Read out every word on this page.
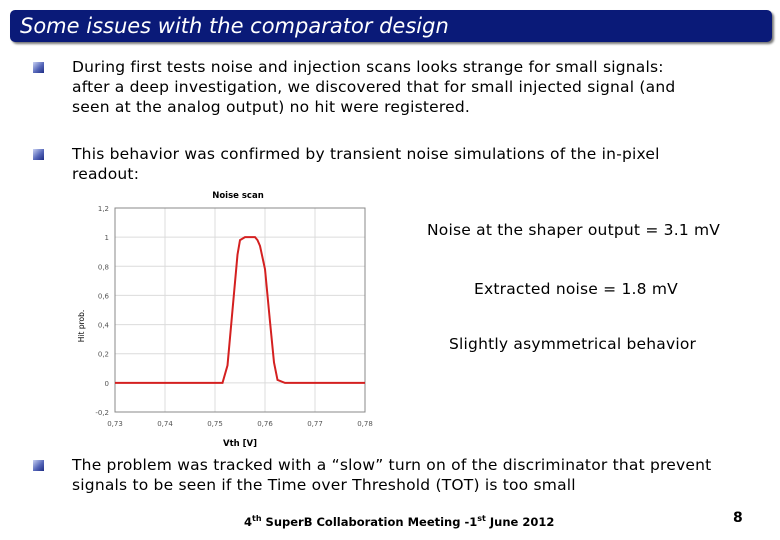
Some issues with the comparator design
During first tests noise and injection scans looks strange for small signals:
after a deep investigation, we discovered that for small injected signal (and
seen at the analog output) no hit were registered.
This behavior was confirmed by transient noise simulations of the in-pixel
readout:
-0,2
0
0,2
0,4
0,6
0,8
1
1,2
0,73	0,74	0,75	0,76	0,77	0,78
Noise scan
Vth [V]
Hit prob.
Noise at the shaper output = 3.1 mV
Extracted noise = 1.8 mV
Slightly asymmetrical behavior
The problem was tracked with a “slow” turn on of the discriminator that prevent
signals to be seen if the Time over Threshold (TOT) is too small
4th SuperB Collaboration Meeting -1st June 2012	8
